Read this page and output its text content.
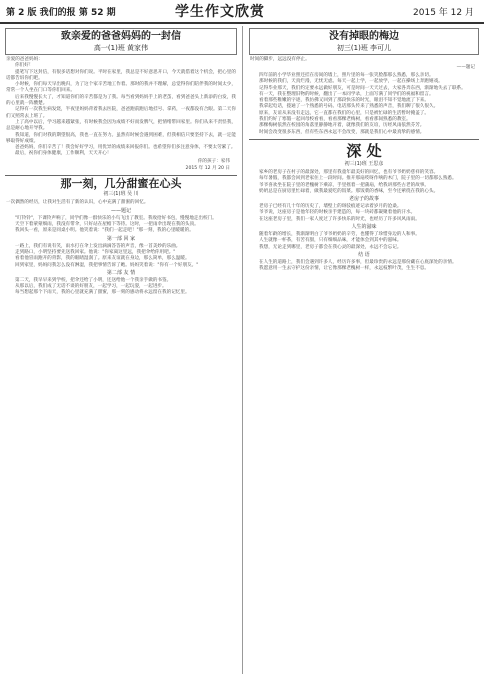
第 2 版 我们的报 第 52 期	学生作文欣赏	2015 年 12 月
致亲爱的爸爸妈妈的一封信
高一(1)班 黄家伟
亲爱的爸爸妈妈：

你们好！

提笔写下这封信，有很多话想对你们说。平时在家里，我总是不好意思开口，今天就借着这个机会，把心里的话都告诉你们吧。

小时候，你们每天早出晚归，为了这个家辛苦地工作着。那时的我并不理解，总觉得你们陪伴我的时间太少，常常一个人坐在门口等你们回来。

后来我慢慢长大了，才知道你们的辛苦都是为了我。每当看到妈妈手上的老茧，看到爸爸头上新添的白发，我的心里就一阵酸楚。

记得有一次我生病发烧，半夜里妈妈背着我去医院，爸爸跑前跑后地挂号、拿药，一夜都没有合眼。第二天你们又照常去上班了。

上了高中以后，学习越来越紧张，有时候我会因为成绩不好而发脾气，把情绪带回家里。你们从来不责怪我，总是耐心地开导我。

我知道，你们对我的期望很高，我也一直在努力。虽然有时候会遇到困难，但我相信只要坚持下去，就一定能够取得好成绩。

爸爸妈妈，你们辛苦了！我会好好学习，用优异的成绩来回报你们。也希望你们多注意身体，不要太劳累了。

最后，祝你们身体健康，工作顺利，天天开心！

你的孩子：家伟
2015 年 12 月 20 日
那一刻，几分甜蜜在心头
初三(1)班 吴 川
一次偶然的经历，让我对生活有了新的认识，心中充满了甜蜜的回忆。
——题记

"叮铃铃"，下课铃声响了，同学们像一群快乐的小鸟飞出了教室。我收拾好书包，慢慢地走出校门。

天空下着蒙蒙细雨，我没有带伞，只好站在屋檐下等待。这时，一把雨伞出现在我的头顶。

我回头一看，原来是同桌小明。他笑着说："我们一起走吧！"那一刻，我的心里暖暖的。

第一部 回 家

一路上，我们有说有笑，雨水打在伞上发出滴滴答答的声音，像一首美妙的乐曲。

走到路口，小明坚持要先送我回家。他说："你家离这里远，我把伞给你用吧。"

看着他冒雨跑开的背影，我的眼睛湿润了。原来友谊就在身边，那么简单，那么温暖。

回到家里，妈妈问我怎么没有淋湿，我把事情告诉了她。妈妈笑着说："你有一个好朋友。"

第二部 友 情

第二天，我早早来到学校，把伞还给了小明，还送给他一个我亲手做的书签。

从那以后，我们成了无话不谈的好朋友，一起学习，一起玩耍，一起进步。

每当想起那个下雨天，我的心里就充满了甜蜜，那一刻的感动将永远留在我的记忆里。

没有掉眼的梅边
初三(1)班 李可儿
时间的脚步，远远没有停止。
——题记

四年前的小学毕业照还挂在房间的墙上，照片里的每一张笑脸都那么熟悉，那么亲切。

那时候的我们，天真烂漫，无忧无虑。每天一起上学，一起放学，一起在操场上奔跑嬉戏。

记得毕业那天，我们约定要永远做好朋友，可是时间一天天过去，大家各奔东西，渐渐地失去了联系。

有一天，我在整理旧物的时候，翻出了一本同学录，上面写满了同学们的祝福和留言。

看着那些稚嫩的字迹，我仿佛又回到了那段快乐的时光，眼泪不知不觉地流了下来。

我拿起电话，拨通了一个熟悉的号码。电话那头传来了熟悉的声音，我们聊了很久很久。

原来，友谊从来没有走远，它一直都在我们的心里，只是被忙碌的生活暂时掩盖了。

我们约好了寒假一起回母校看看，看看那棵老梅树，看看那间熟悉的教室。

那棵梅树依然在校园的角落里静静地开着，就像我们的友谊，历经风雨依然芬芳。

时间会改变很多东西，但有些东西永远不会改变，那就是我们心中最真挚的感情。

深 处
初三(1)班 王思彦

家乡的老房子在村子的最深处，那里有我童年最美好的回忆，也有爷爷奶奶慈祥的笑容。

每年暑假，我都会回到老家住上一段时间。推开那扇吱呀作响的木门，院子里的一切都那么熟悉。

爷爷喜欢坐在院子里的老槐树下乘凉，手里摇着一把蒲扇，给我讲那些古老的故事。

奶奶总是在厨房里忙碌着，做我最爱吃的饭菜。那饭菜的香味，至今还萦绕在我的心头。

老房子的故事

老房子已经有几十年的历史了，墙壁上的斑驳痕迹记录着岁月的沧桑。

爷爷说，这座房子是他年轻的时候亲手建造的，每一块砖都凝聚着他的汗水。

在这座老房子里，我们一家人度过了许多快乐的时光，也经历了许多风风雨雨。

人生的滋味

随着年龄的增长，我渐渐明白了爷爷奶奶的辛劳，也懂得了珍惜身边的人和事。

人生就像一杯茶，有苦有甜，只有细细品味，才能体会到其中的滋味。

我想，无论走到哪里，老房子都会在我心灵的最深处，永远不会忘记。

结 语

在人生的道路上，我们会遇到许多人，经历许多事，但最珍贵的永远是那份藏在心底深处的亲情。

我愿意用一生去守护这份亲情，让它像那棵老槐树一样，永远枝繁叶茂，生生不息。
